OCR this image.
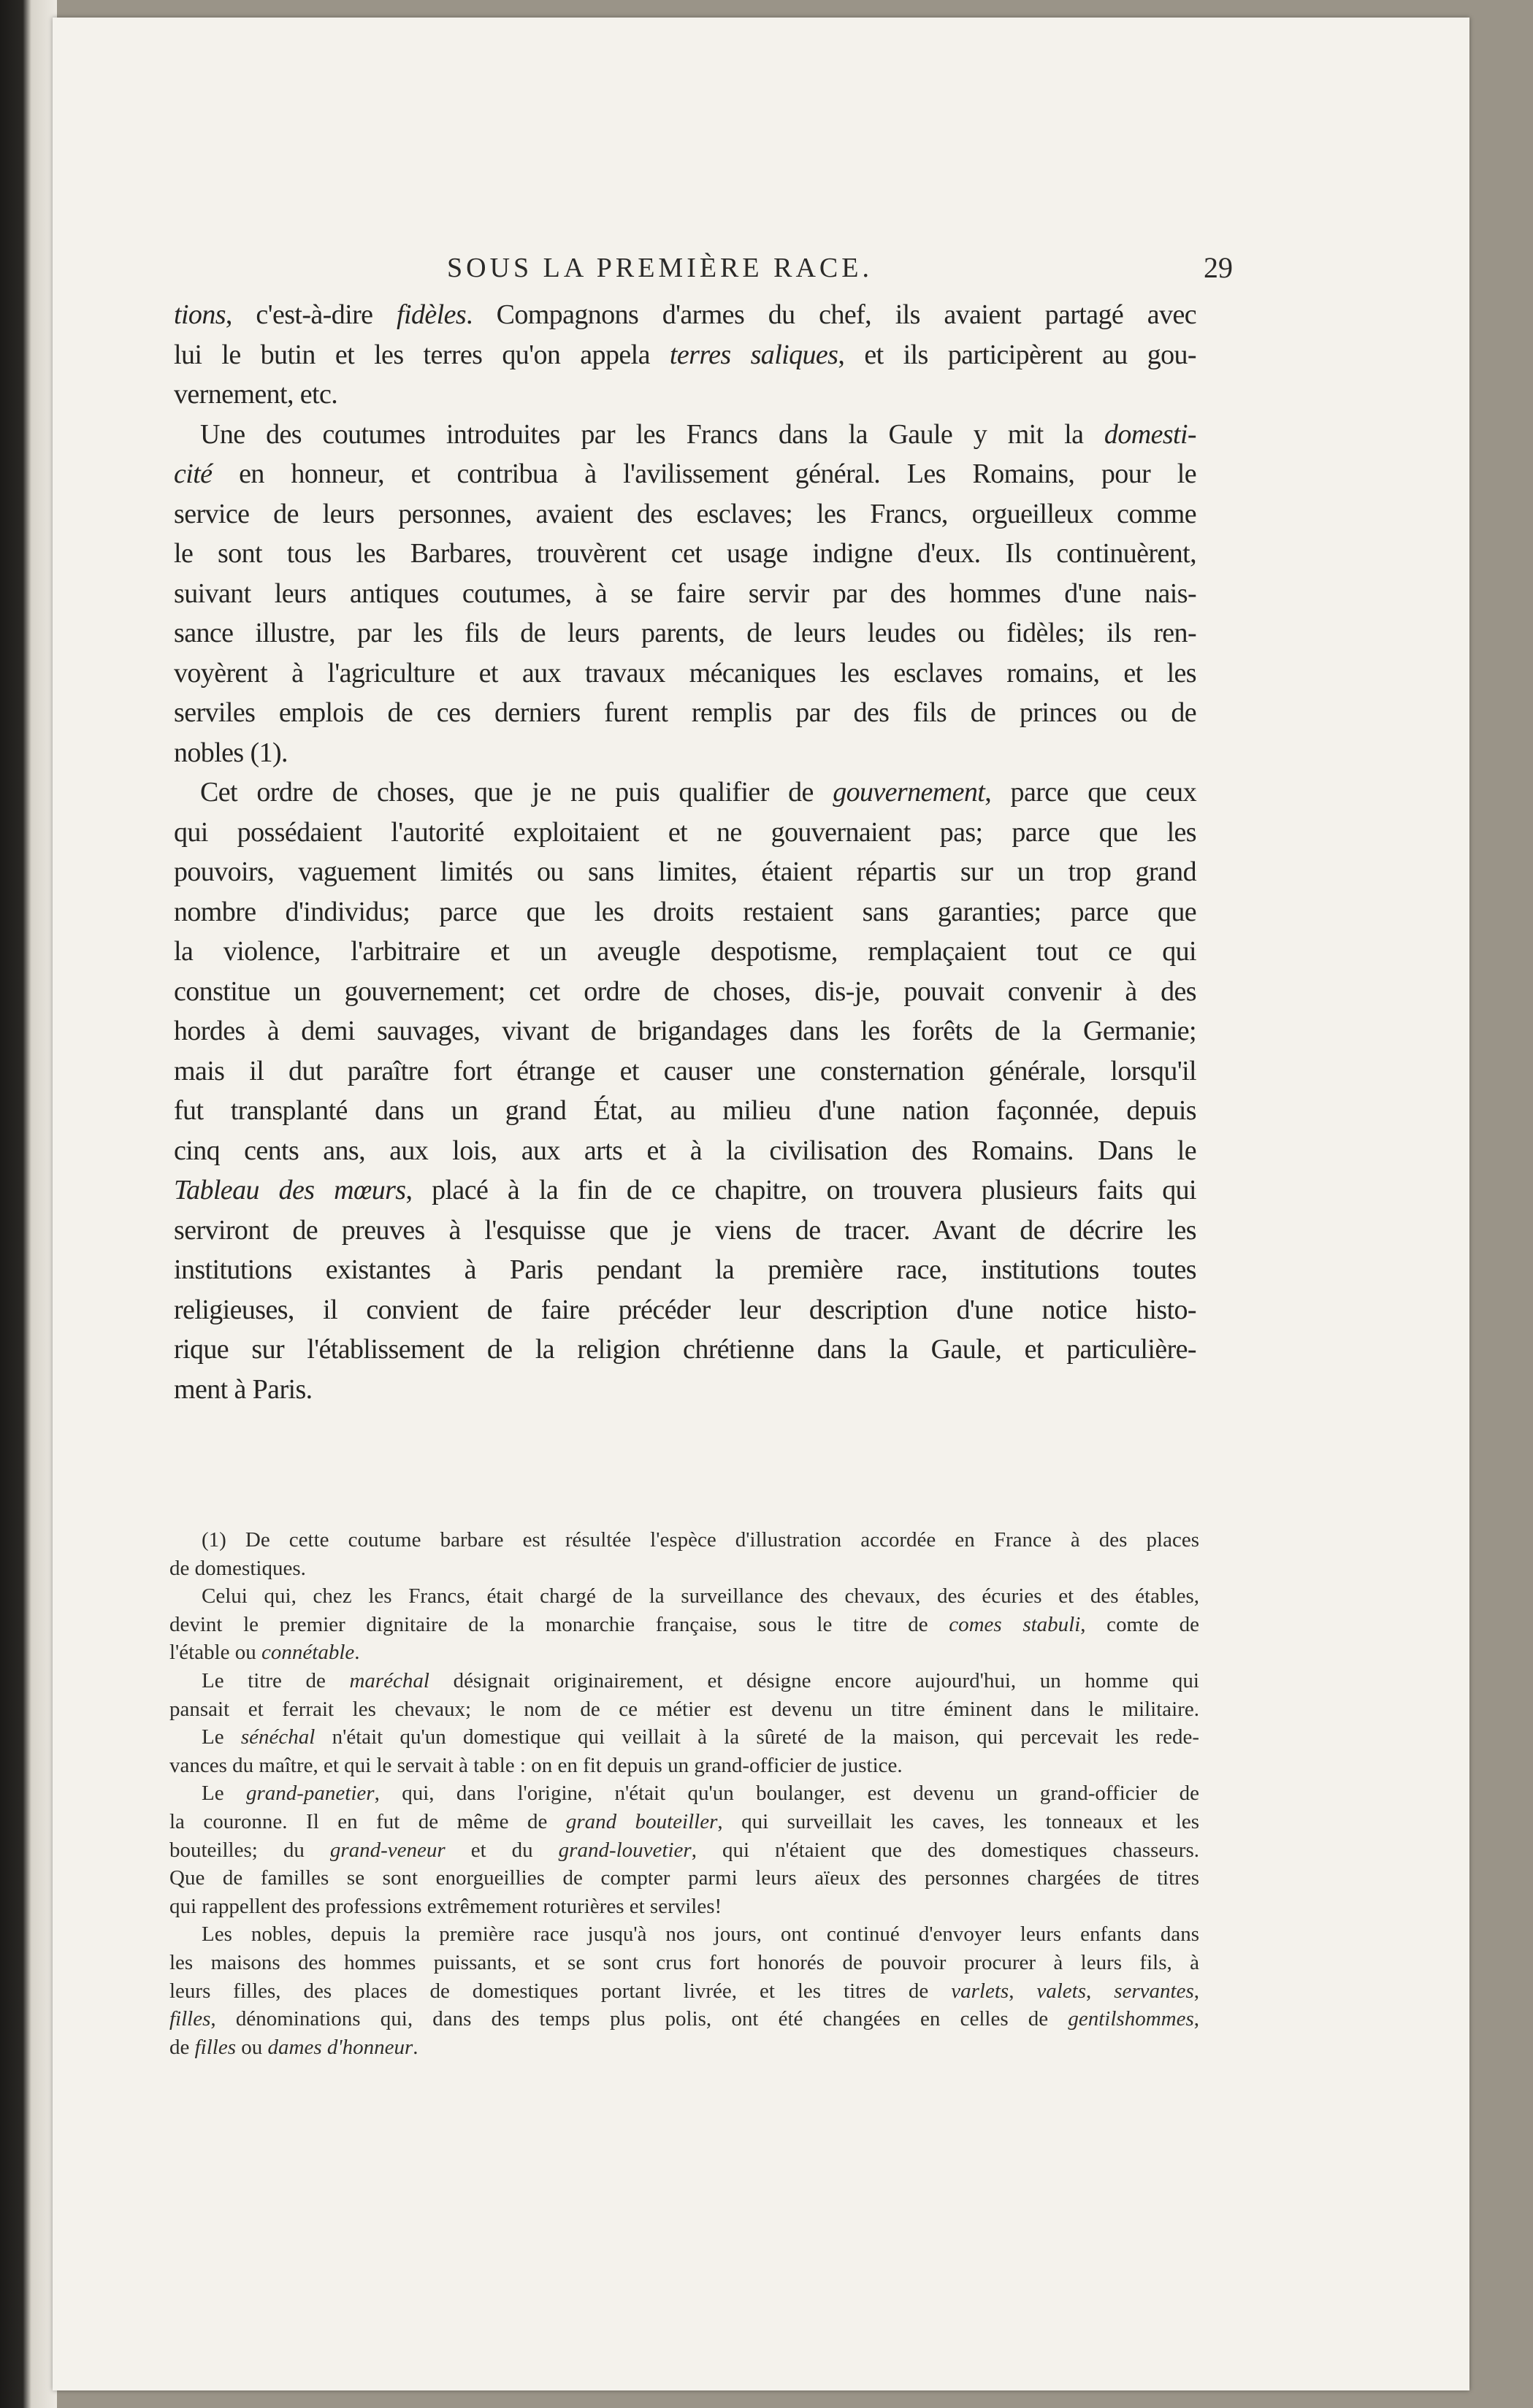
SOUS LA PREMIÈRE RACE.	29
tions, c'est-à-dire fidèles. Compagnons d'armes du chef, ils avaient partagé avec
lui le butin et les terres qu'on appela terres saliques, et ils participèrent au gou-
vernement, etc.
Une des coutumes introduites par les Francs dans la Gaule y mit la domesti-
cité en honneur, et contribua à l'avilissement général. Les Romains, pour le
service de leurs personnes, avaient des esclaves; les Francs, orgueilleux comme
le sont tous les Barbares, trouvèrent cet usage indigne d'eux. Ils continuèrent,
suivant leurs antiques coutumes, à se faire servir par des hommes d'une nais-
sance illustre, par les fils de leurs parents, de leurs leudes ou fidèles; ils ren-
voyèrent à l'agriculture et aux travaux mécaniques les esclaves romains, et les
serviles emplois de ces derniers furent remplis par des fils de princes ou de
nobles (1).
Cet ordre de choses, que je ne puis qualifier de gouvernement, parce que ceux
qui possédaient l'autorité exploitaient et ne gouvernaient pas; parce que les
pouvoirs, vaguement limités ou sans limites, étaient répartis sur un trop grand
nombre d'individus; parce que les droits restaient sans garanties; parce que
la violence, l'arbitraire et un aveugle despotisme, remplaçaient tout ce qui
constitue un gouvernement; cet ordre de choses, dis-je, pouvait convenir à des
hordes à demi sauvages, vivant de brigandages dans les forêts de la Germanie;
mais il dut paraître fort étrange et causer une consternation générale, lorsqu'il
fut transplanté dans un grand État, au milieu d'une nation façonnée, depuis
cinq cents ans, aux lois, aux arts et à la civilisation des Romains. Dans le
Tableau des mœurs, placé à la fin de ce chapitre, on trouvera plusieurs faits qui
serviront de preuves à l'esquisse que je viens de tracer. Avant de décrire les
institutions existantes à Paris pendant la première race, institutions toutes
religieuses, il convient de faire précéder leur description d'une notice histo-
rique sur l'établissement de la religion chrétienne dans la Gaule, et particulière-
ment à Paris.
(1) De cette coutume barbare est résultée l'espèce d'illustration accordée en France à des places
de domestiques.
Celui qui, chez les Francs, était chargé de la surveillance des chevaux, des écuries et des étables,
devint le premier dignitaire de la monarchie française, sous le titre de comes stabuli, comte de
l'étable ou connétable.
Le titre de maréchal désignait originairement, et désigne encore aujourd'hui, un homme qui
pansait et ferrait les chevaux; le nom de ce métier est devenu un titre éminent dans le militaire.
Le sénéchal n'était qu'un domestique qui veillait à la sûreté de la maison, qui percevait les rede-
vances du maître, et qui le servait à table : on en fit depuis un grand-officier de justice.
Le grand-panetier, qui, dans l'origine, n'était qu'un boulanger, est devenu un grand-officier de
la couronne. Il en fut de même de grand bouteiller, qui surveillait les caves, les tonneaux et les
bouteilles; du grand-veneur et du grand-louvetier, qui n'étaient que des domestiques chasseurs.
Que de familles se sont enorgueillies de compter parmi leurs aïeux des personnes chargées de titres
qui rappellent des professions extrêmement roturières et serviles!
Les nobles, depuis la première race jusqu'à nos jours, ont continué d'envoyer leurs enfants dans
les maisons des hommes puissants, et se sont crus fort honorés de pouvoir procurer à leurs fils, à
leurs filles, des places de domestiques portant livrée, et les titres de varlets, valets, servantes,
filles, dénominations qui, dans des temps plus polis, ont été changées en celles de gentilshommes,
de filles ou dames d'honneur.
